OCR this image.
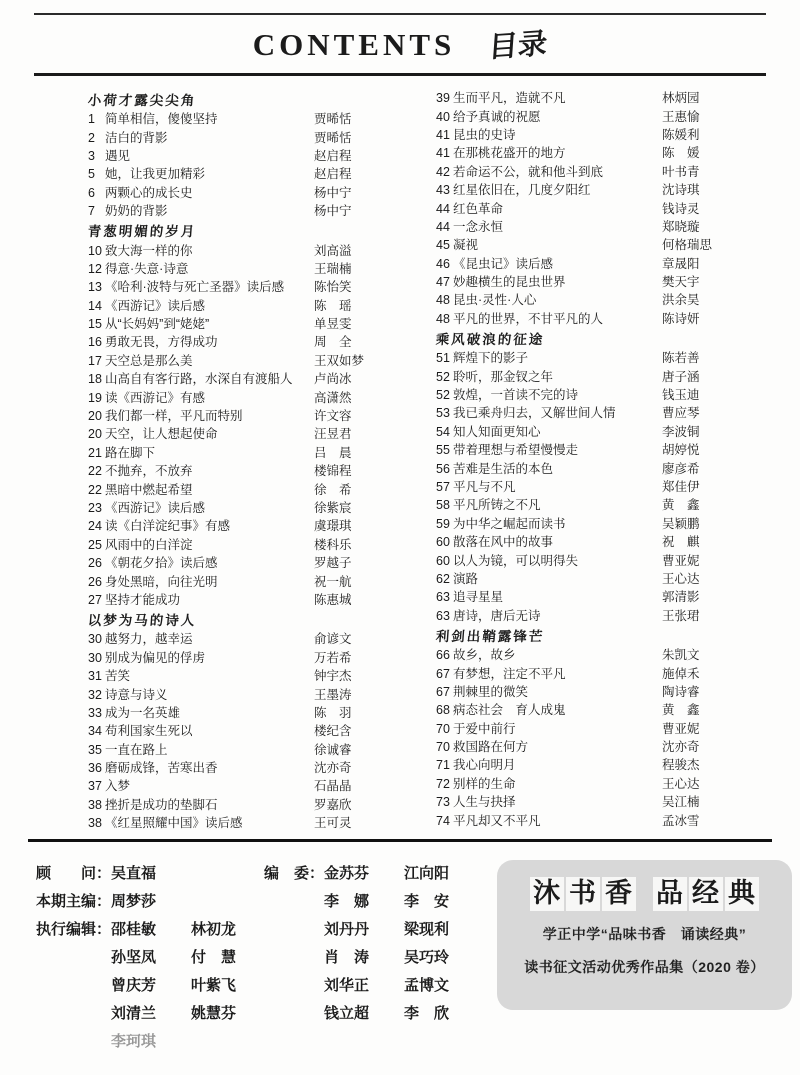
CONTENTS 目录
小荷才露尖尖角
1 简单相信，傻傻坚持	贾晞恬
2 洁白的背影	贾晞恬
3 遇见	赵启程
5 她，让我更加精彩	赵启程
6 两颗心的成长史	杨中宁
7 奶奶的背影	杨中宁
青葱明媚的岁月
10 致大海一样的你	刘高溢
12 得意·失意·诗意	王瑞楠
13 《哈利·波特与死亡圣器》读后感	陈怡笑
14 《西游记》读后感	陈　瑶
15 从“长妈妈”到“姥姥”	单昱雯
16 勇敢无畏，方得成功	周　全
17 天空总是那么美	王双如梦
18 山高自有客行路，水深自有渡船人	卢尚冰
19 读《西游记》有感	高潇然
20 我们都一样，平凡而特别	许文容
20 天空，让人想起使命	汪昱君
21 路在脚下	吕　晨
22 不抛弃，不放弃	楼锦程
22 黑暗中燃起希望	徐　希
23 《西游记》读后感	徐紫宸
24 读《白洋淀纪事》有感	虞璟琪
25 风雨中的白洋淀	楼科乐
26 《朝花夕拾》读后感	罗越子
26 身处黑暗，向往光明	祝一航
27 坚持才能成功	陈惠城
以梦为马的诗人
30 越努力，越幸运	俞谚文
30 别成为偏见的俘虏	万若希
31 苦笑	钟宇杰
32 诗意与诗义	王墨涛
33 成为一名英雄	陈　羽
34 苟利国家生死以	楼纪含
35 一直在路上	徐诚睿
36 磨砺成锋，苦寒出香	沈亦奇
37 入梦	石晶晶
38 挫折是成功的垫脚石	罗嘉欣
38 《红星照耀中国》读后感	王可灵
39 生而平凡，造就不凡	林炳园
40 给予真诚的祝愿	王惠愉
41 昆虫的史诗	陈媛利
41 在那桃花盛开的地方	陈　媛
42 若命运不公，就和他斗到底	叶书青
43 红星依旧在，几度夕阳红	沈诗琪
44 红色革命	钱诗灵
44 一念永恒	郑晓璇
45 凝视	何格瑞思
46 《昆虫记》读后感	章晟阳
47 妙趣横生的昆虫世界	樊天宇
48 昆虫·灵性·人心	洪余昊
48 平凡的世界，不甘平凡的人	陈诗妍
乘风破浪的征途
51 辉煌下的影子	陈若善
52 聆听，那金钗之年	唐子涵
52 敦煌，一首读不完的诗	钱玉迪
53 我已乘舟归去，又解世间人情	曹应琴
54 知人知面更知心	李波铜
55 带着理想与希望慢慢走	胡婷悦
56 苦难是生活的本色	廖彦希
57 平凡与不凡	郑佳伊
58 平凡所铸之不凡	黄　鑫
59 为中华之崛起而读书	吴颖鹏
60 散落在风中的故事	祝　麒
60 以人为镜，可以明得失	曹亚妮
62 演路	王心达
63 追寻星星	郭清影
63 唐诗，唐后无诗	王张珺
利剑出鞘露锋芒
66 故乡，故乡	朱凯文
67 有梦想，注定不平凡	施倬禾
67 荆棘里的微笑	陶诗睿
68 病态社会　育人成鬼	黄　鑫
70 于爱中前行	曹亚妮
70 救国路在何方	沈亦奇
71 我心向明月	程骏杰
72 别样的生命	王心达
73 人生与抉择	吴江楠
74 平凡却又不平凡	孟冰雪
顾　　问： 吴直福
本期主编： 周梦莎
执行编辑： 邵桂敏	林初龙
孙坚凤	付　慧
曾庆芳	叶紫飞
刘清兰	姚慧芬
李珂琪
编　委： 金苏芬	江向阳
李　娜	李　安
刘丹丹	梁现利
肖　涛	吴巧玲
刘华正	孟博文
钱立超	李　欣
沐 书 香 品 经 典
学正中学“品味书香　诵读经典”
读书征文活动优秀作品集（2020 卷）
